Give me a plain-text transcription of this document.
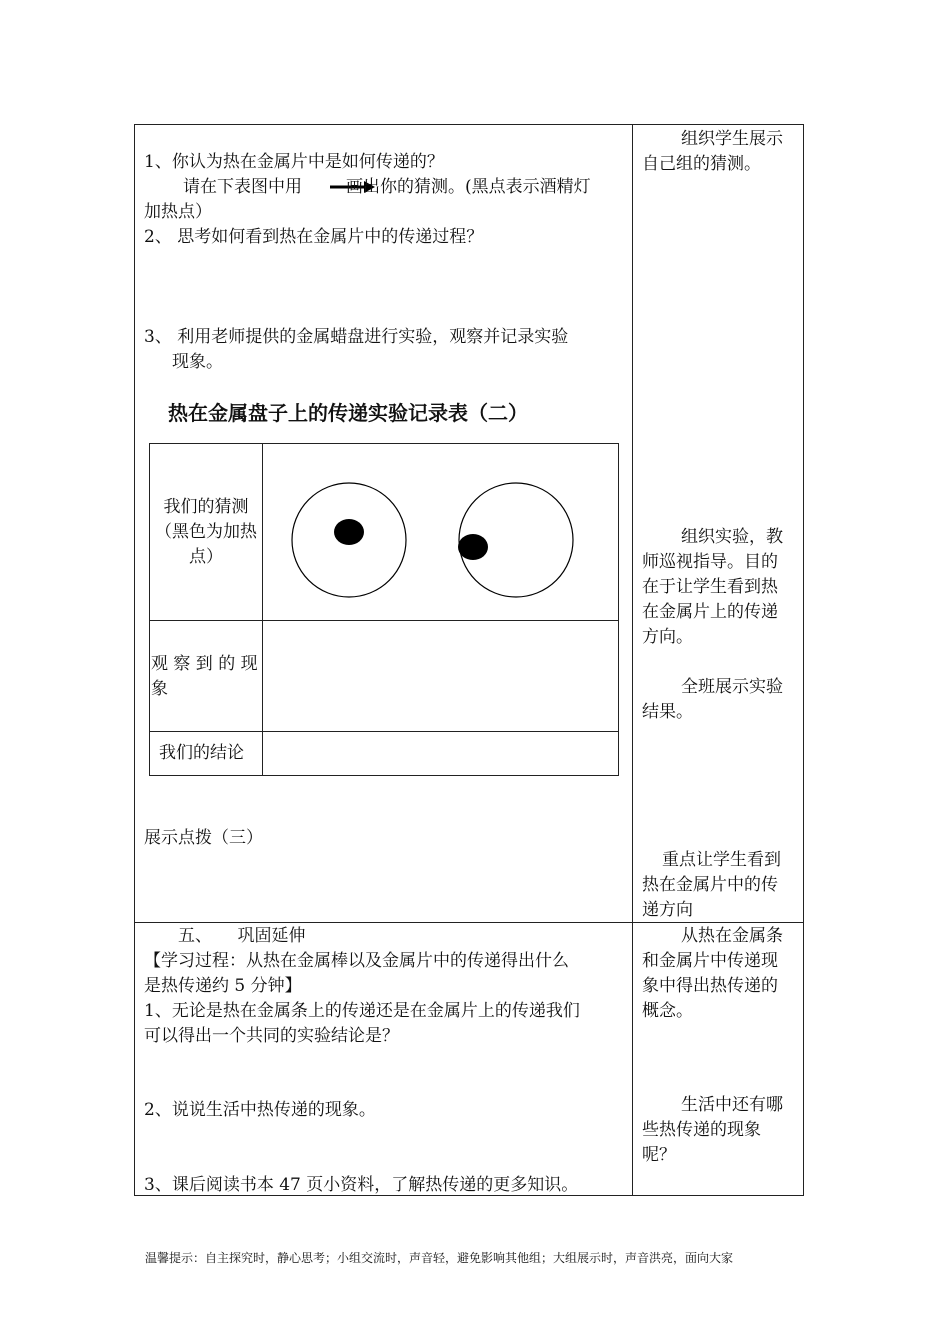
1、你认为热在金属片中是如何传递的？
请在下表图中用	画出你的猜测。(黑点表示酒精灯
加热点）
2、 思考如何看到热在金属片中的传递过程？
3、 利用老师提供的金属蜡盘进行实验，观察并记录实验
现象。
热在金属盘子上的传递实验记录表（二）
我们的猜测
（黑色为加热
点）
观 察 到 的 现
象
我们的结论
展示点拨（三）
组织学生展示
自己组的猜测。
组织实验，教
师巡视指导。目的
在于让学生看到热
在金属片上的传递
方向。
全班展示实验
结果。
重点让学生看到
热在金属片中的传
递方向
五、　　巩固延伸
【学习过程：从热在金属棒以及金属片中的传递得出什么
是热传递约 5 分钟】
1、无论是热在金属条上的传递还是在金属片上的传递我们
可以得出一个共同的实验结论是？
2、说说生活中热传递的现象。
3、课后阅读书本 47 页小资料，了解热传递的更多知识。
从热在金属条
和金属片中传递现
象中得出热传递的
概念。
生活中还有哪
些热传递的现象
呢？
温馨提示：自主探究时，静心思考；小组交流时，声音轻，避免影响其他组；大组展示时，声音洪亮，面向大家
